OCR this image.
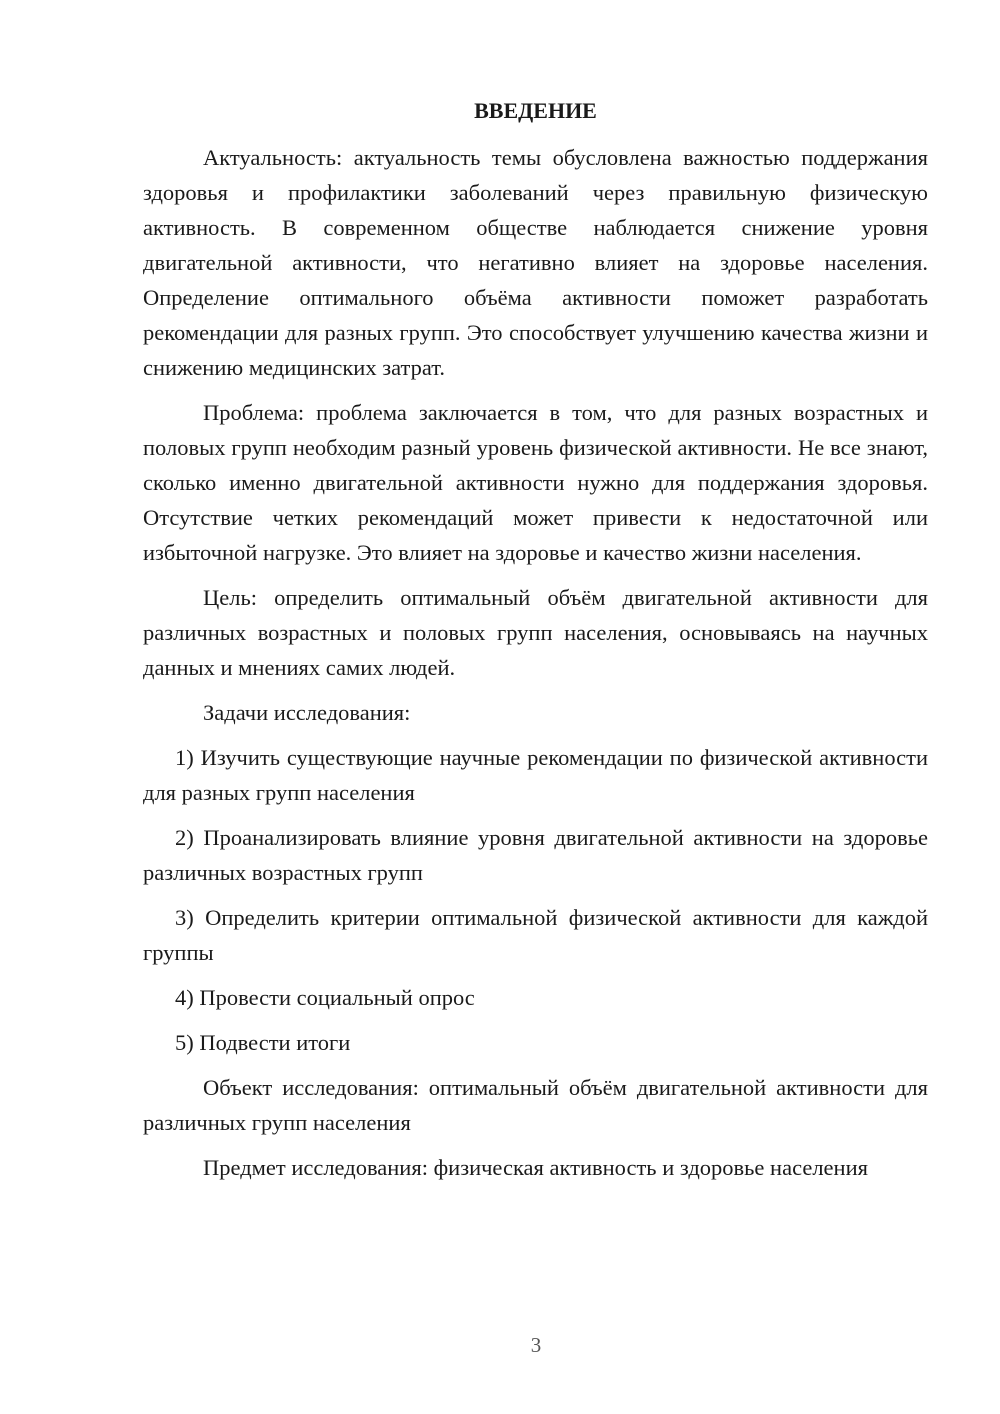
ВВЕДЕНИЕ

Актуальность: актуальность темы обусловлена важностью поддержания здоровья и профилактики заболеваний через правильную физическую активность. В современном обществе наблюдается снижение уровня двигательной активности, что негативно влияет на здоровье населения. Определение оптимального объёма активности поможет разработать рекомендации для разных групп. Это способствует улучшению качества жизни и снижению медицинских затрат.

Проблема: проблема заключается в том, что для разных возрастных и половых групп необходим разный уровень физической активности. Не все знают, сколько именно двигательной активности нужно для поддержания здоровья. Отсутствие четких рекомендаций может привести к недостаточной или избыточной нагрузке. Это влияет на здоровье и качество жизни населения.

Цель: определить оптимальный объём двигательной активности для различных возрастных и половых групп населения, основываясь на научных данных и мнениях самих людей.

Задачи исследования:

1) Изучить существующие научные рекомендации по физической активности для разных групп населения

2) Проанализировать влияние уровня двигательной активности на здоровье различных возрастных групп

3) Определить критерии оптимальной физической активности для каждой группы

4) Провести социальный опрос

5) Подвести итоги

Объект исследования: оптимальный объём двигательной активности для различных групп населения

Предмет исследования: физическая активность и здоровье населения

3
